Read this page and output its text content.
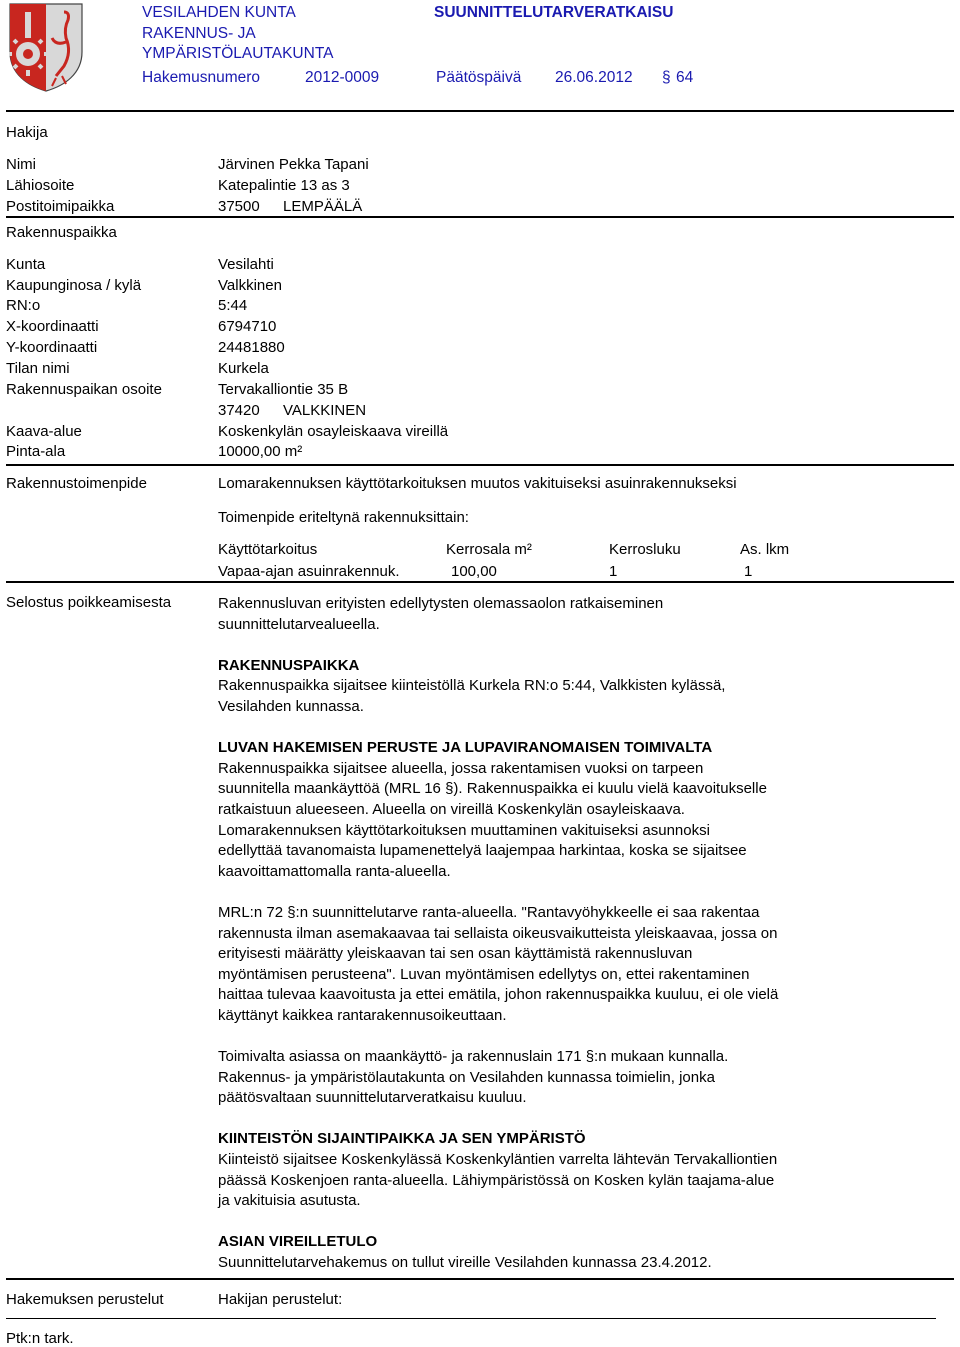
VESILAHDEN KUNTA
RAKENNUS- JA
YMPÄRISTÖLAUTAKUNTA
SUUNNITTELUTARVERATKAISU
Hakemusnumero	2012-0009	Päätöspäivä 26.06.2012 § 64
Hakija
Nimi	Järvinen Pekka Tapani
Lähiosoite	Katepalintie 13 as 3
Postitoimipaikka	37500 LEMPÄÄLÄ
Rakennuspaikka
Kunta	Vesilahti
Kaupunginosa / kylä	Valkkinen
RN:o	5:44
X-koordinaatti	6794710
Y-koordinaatti	24481880
Tilan nimi	Kurkela
Rakennuspaikan osoite	Tervakalliontie 35 B
37420 VALKKINEN
Kaava-alue	Koskenkylän osayleiskaava vireillä
Pinta-ala	10000,00 m²
Rakennustoimenpide	Lomarakennuksen käyttötarkoituksen muutos vakituiseksi asuinrakennukseksi
Toimenpide eriteltynä rakennuksittain:
Käyttötarkoitus	Kerrosala m²	Kerrosluku	As. lkm
Vapaa-ajan asuinrakennuk.	100,00	1	1
Selostus poikkeamisesta	Rakennusluvan erityisten edellytysten olemassaolon ratkaiseminen
suunnittelutarvealueella.
RAKENNUSPAIKKA
Rakennuspaikka sijaitsee kiinteistöllä Kurkela RN:o 5:44, Valkkisten kylässä,
Vesilahden kunnassa.
LUVAN HAKEMISEN PERUSTE JA LUPAVIRANOMAISEN TOIMIVALTA
Rakennuspaikka sijaitsee alueella, jossa rakentamisen vuoksi on tarpeen
suunnitella maankäyttöä (MRL 16 §). Rakennuspaikka ei kuulu vielä kaavoitukselle
ratkaistuun alueeseen. Alueella on vireillä Koskenkylän osayleiskaava.
Lomarakennuksen käyttötarkoituksen muuttaminen vakituiseksi asunnoksi
edellyttää tavanomaista lupamenettelyä laajempaa harkintaa, koska se sijaitsee
kaavoittamattomalla ranta-alueella.
MRL:n 72 §:n suunnittelutarve ranta-alueella. "Rantavyöhykkeelle ei saa rakentaa
rakennusta ilman asemakaavaa tai sellaista oikeusvaikutteista yleiskaavaa, jossa on
erityisesti määrätty yleiskaavan tai sen osan käyttämistä rakennusluvan
myöntämisen perusteena". Luvan myöntämisen edellytys on, ettei rakentaminen
haittaa tulevaa kaavoitusta ja ettei emätila, johon rakennuspaikka kuuluu, ei ole vielä
käyttänyt kaikkea rantarakennusoikeuttaan.
Toimivalta asiassa on maankäyttö- ja rakennuslain 171 §:n mukaan kunnalla.
Rakennus- ja ympäristölautakunta on Vesilahden kunnassa toimielin, jonka
päätösvaltaan suunnittelutarveratkaisu kuuluu.
KIINTEISTÖN SIJAINTIPAIKKA JA SEN YMPÄRISTÖ
Kiinteistö sijaitsee Koskenkylässä Koskenkyläntien varrelta lähtevän Tervakalliontien
päässä Koskenjoen ranta-alueella. Lähiympäristössä on Kosken kylän taajama-alue
ja vakituisia asutusta.
ASIAN VIREILLETULO
Suunnittelutarvehakemus on tullut vireille Vesilahden kunnassa 23.4.2012.
Hakemuksen perustelut	Hakijan perustelut:
Ptk:n tark.
